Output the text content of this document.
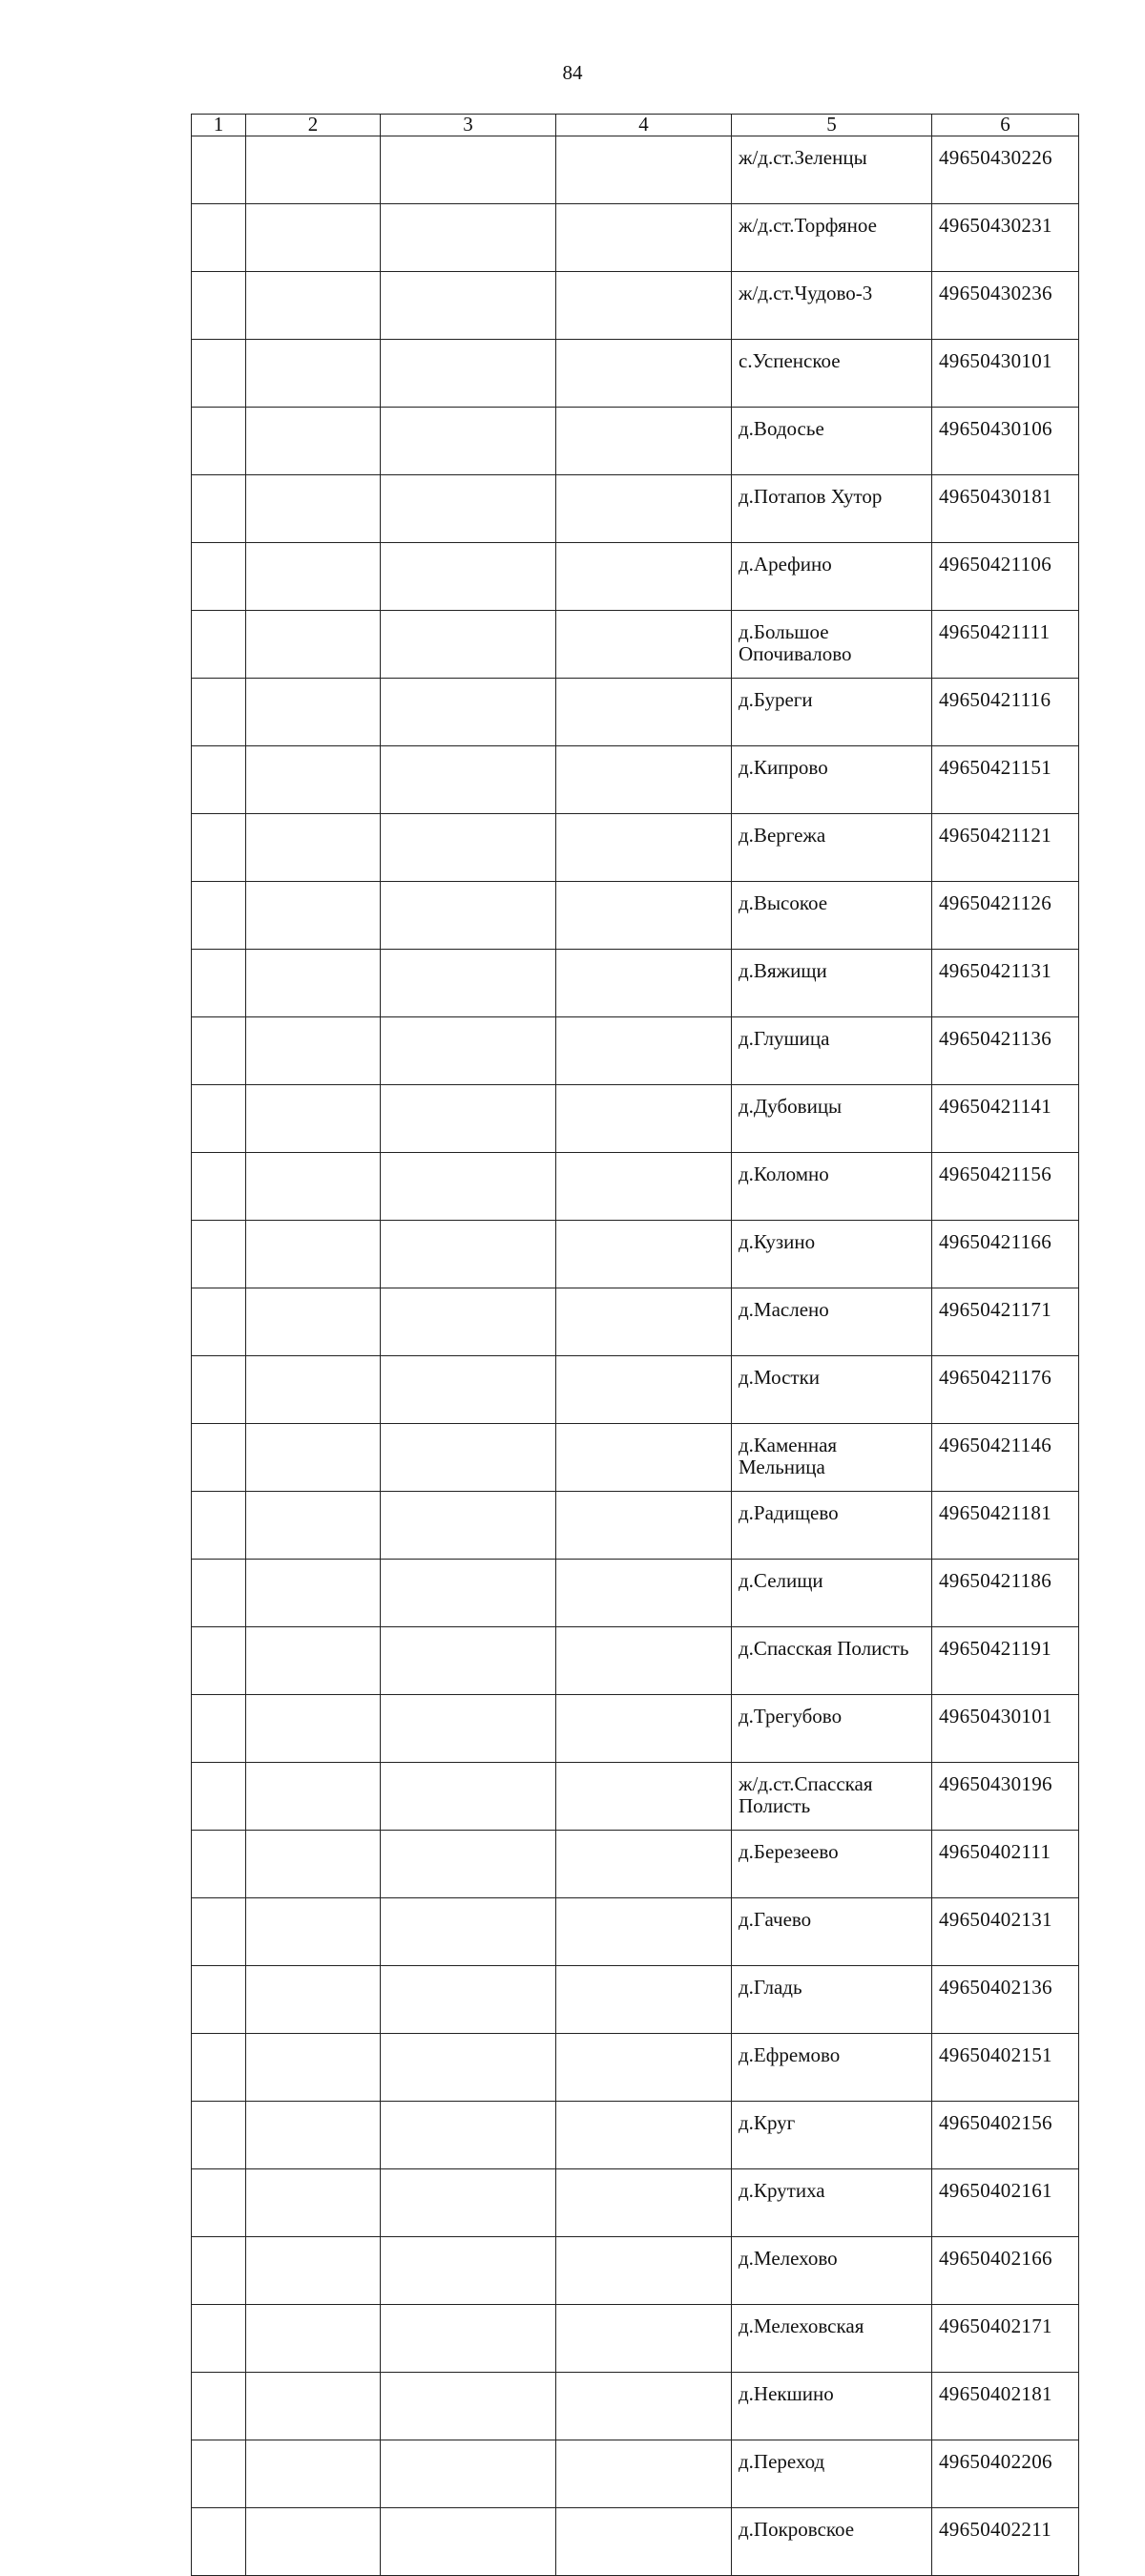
84
1	2	3	4	5	6
				ж/д.ст.Зеленцы	49650430226
				ж/д.ст.Торфяное	49650430231
				ж/д.ст.Чудово-3	49650430236
				с.Успенское	49650430101
				д.Водосье	49650430106
				д.Потапов Хутор	49650430181
				д.Арефино	49650421106
				д.Большое Опочивалово	49650421111
				д.Буреги	49650421116
				д.Кипрово	49650421151
				д.Вергежа	49650421121
				д.Высокое	49650421126
				д.Вяжищи	49650421131
				д.Глушица	49650421136
				д.Дубовицы	49650421141
				д.Коломно	49650421156
				д.Кузино	49650421166
				д.Маслено	49650421171
				д.Мостки	49650421176
				д.Каменная Мельница	49650421146
				д.Радищево	49650421181
				д.Селищи	49650421186
				д.Спасская Полисть	49650421191
				д.Трегубово	49650430101
				ж/д.ст.Спасская Полисть	49650430196
				д.Березеево	49650402111
				д.Гачево	49650402131
				д.Гладь	49650402136
				д.Ефремово	49650402151
				д.Круг	49650402156
				д.Крутиха	49650402161
				д.Мелехово	49650402166
				д.Мелеховская	49650402171
				д.Некшино	49650402181
				д.Переход	49650402206
				д.Покровское	49650402211
